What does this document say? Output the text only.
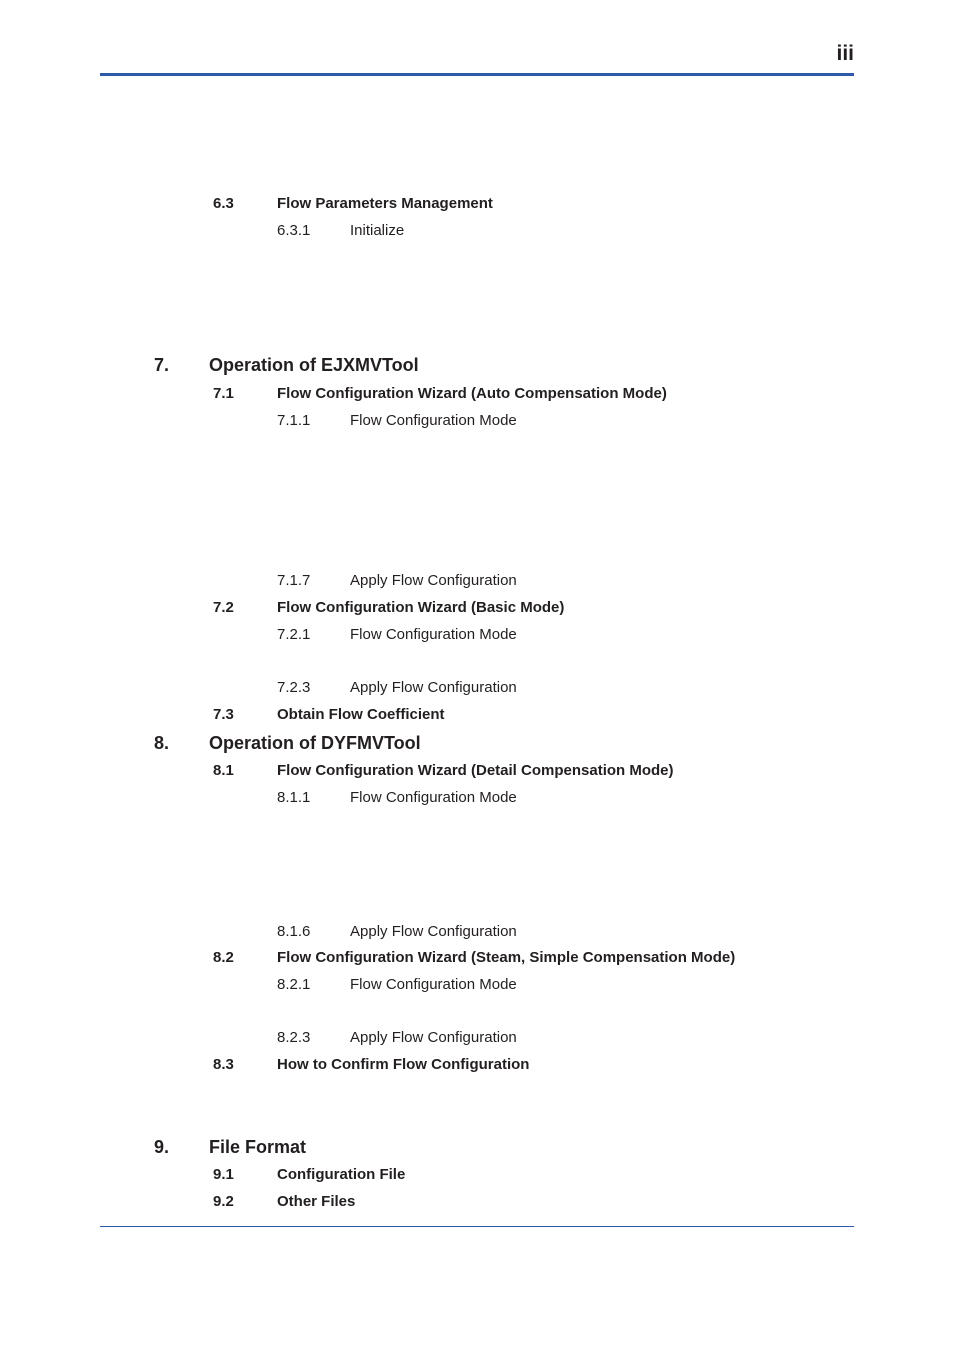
iii
6.3	Flow Parameters Management
6.3.1	Initialize
7. Operation of EJXMVTool
7.1	Flow Configuration Wizard (Auto Compensation Mode)
7.1.1	Flow Configuration Mode
7.1.7	Apply Flow Configuration
7.2	Flow Configuration Wizard (Basic Mode)
7.2.1	Flow Configuration Mode
7.2.3	Apply Flow Configuration
7.3	Obtain Flow Coefficient
8. Operation of DYFMVTool
8.1	Flow Configuration Wizard (Detail Compensation Mode)
8.1.1	Flow Configuration Mode
8.1.6	Apply Flow Configuration
8.2	Flow Configuration Wizard (Steam, Simple Compensation Mode)
8.2.1	Flow Configuration Mode
8.2.3	Apply Flow Configuration
8.3	How to Confirm Flow Configuration
9. File Format
9.1	Configuration File
9.2	Other Files
